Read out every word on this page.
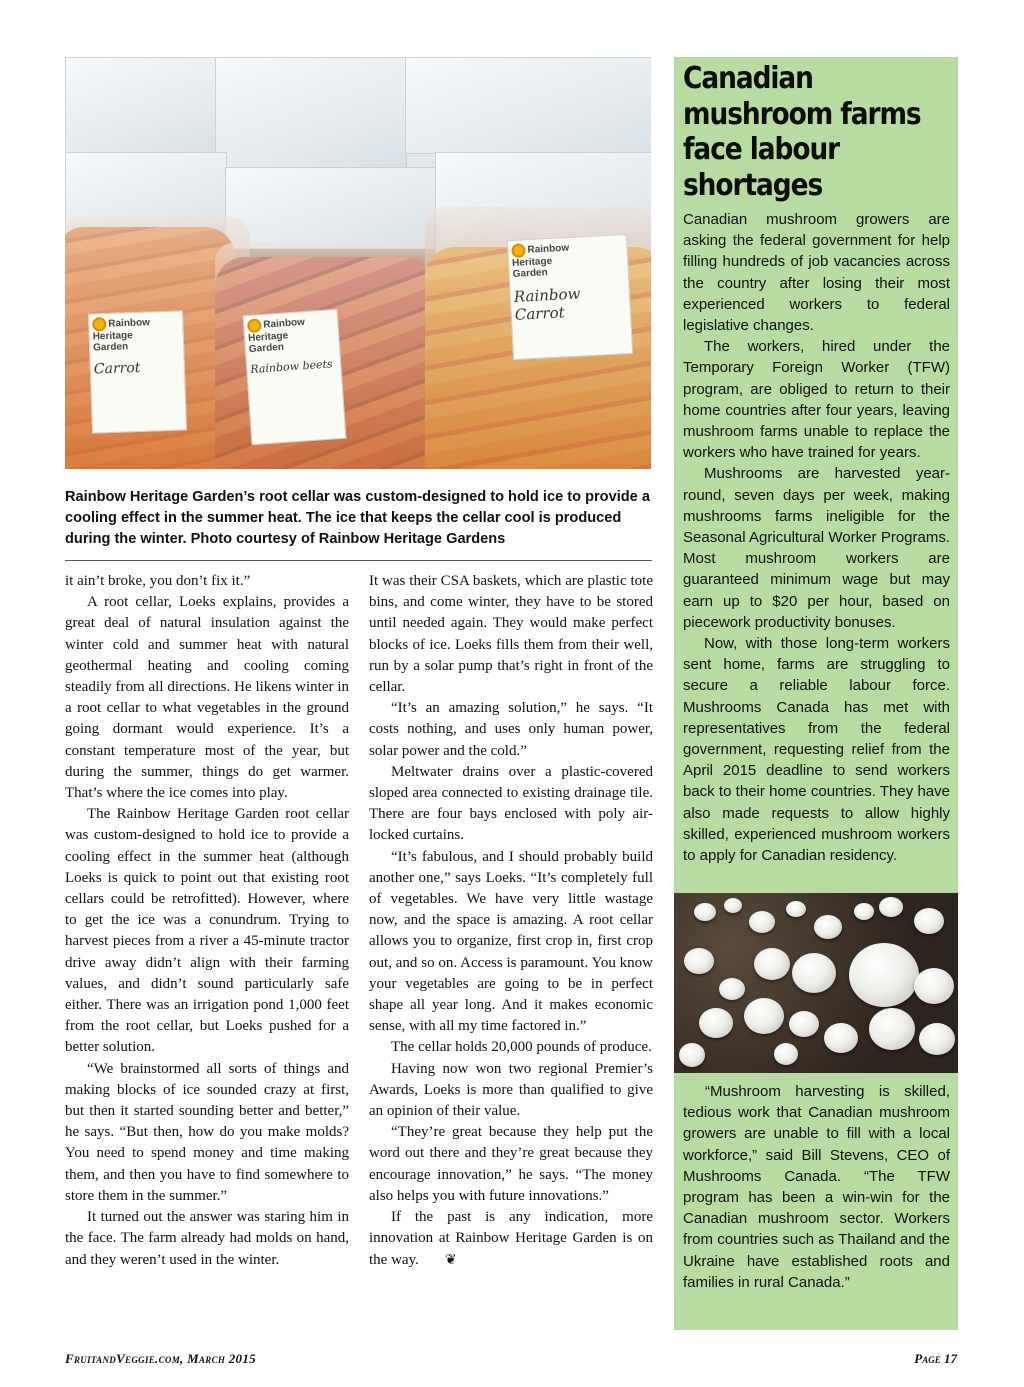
Rainbow
Heritage
Garden
Carrot
Rainbow
Heritage
Garden
Rainbow beets
Rainbow
Heritage
Garden
Rainbow Carrot
Rainbow Heritage Garden’s root cellar was custom-designed to hold ice to provide a cooling effect in the summer heat. The ice that keeps the cellar cool is produced during the winter. Photo courtesy of Rainbow Heritage Gardens

it ain’t broke, you don’t fix it.”

A root cellar, Loeks explains, provides a great deal of natural insulation against the winter cold and summer heat with natural geothermal heating and cooling coming steadily from all directions. He likens winter in a root cellar to what vegetables in the ground going dormant would experience. It’s a constant temperature most of the year, but during the summer, things do get warmer. That’s where the ice comes into play.

The Rainbow Heritage Garden root cellar was custom-designed to hold ice to provide a cooling effect in the summer heat (although Loeks is quick to point out that existing root cellars could be retrofitted). However, where to get the ice was a conundrum. Trying to harvest pieces from a river a 45-minute tractor drive away didn’t align with their farming values, and didn’t sound particularly safe either. There was an irrigation pond 1,000 feet from the root cellar, but Loeks pushed for a better solution.

“We brainstormed all sorts of things and making blocks of ice sounded crazy at first, but then it started sounding better and better,” he says. “But then, how do you make molds? You need to spend money and time making them, and then you have to find somewhere to store them in the summer.”

It turned out the answer was staring him in the face. The farm already had molds on hand, and they weren’t used in the winter.

It was their CSA baskets, which are plastic tote bins, and come winter, they have to be stored until needed again. They would make perfect blocks of ice. Loeks fills them from their well, run by a solar pump that’s right in front of the cellar.

“It’s an amazing solution,” he says. “It costs nothing, and uses only human power, solar power and the cold.”

Meltwater drains over a plastic-covered sloped area connected to existing drainage tile. There are four bays enclosed with poly air-locked curtains.

“It’s fabulous, and I should probably build another one,” says Loeks. “It’s completely full of vegetables. We have very little wastage now, and the space is amazing. A root cellar allows you to organize, first crop in, first crop out, and so on. Access is paramount. You know your vegetables are going to be in perfect shape all year long. And it makes economic sense, with all my time factored in.”

The cellar holds 20,000 pounds of produce.

Having now won two regional Premier’s Awards, Loeks is more than qualified to give an opinion of their value.

“They’re great because they help put the word out there and they’re great because they encourage innovation,” he says. “The money also helps you with future innovations.”

If the past is any indication, more innovation at Rainbow Heritage Garden is on the way. ❦

Canadian mushroom farms face labour shortages

Canadian mushroom growers are asking the federal government for help filling hundreds of job vacancies across the country after losing their most experienced workers to federal legislative changes.

The workers, hired under the Temporary Foreign Worker (TFW) program, are obliged to return to their home countries after four years, leaving mushroom farms unable to replace the workers who have trained for years.

Mushrooms are harvested year-round, seven days per week, making mushrooms farms ineligible for the Seasonal Agricultural Worker Programs. Most mushroom workers are guaranteed minimum wage but may earn up to $20 per hour, based on piecework productivity bonuses.

Now, with those long-term workers sent home, farms are struggling to secure a reliable labour force. Mushrooms Canada has met with representatives from the federal government, requesting relief from the April 2015 deadline to send workers back to their home countries. They have also made requests to allow highly skilled, experienced mushroom workers to apply for Canadian residency.

“Mushroom harvesting is skilled, tedious work that Canadian mushroom growers are unable to fill with a local workforce,” said Bill Stevens, CEO of Mushrooms Canada. “The TFW program has been a win-win for the Canadian mushroom sector. Workers from countries such as Thailand and the Ukraine have established roots and families in rural Canada.”

FruitandVeggie.com, March 2015	Page 17
